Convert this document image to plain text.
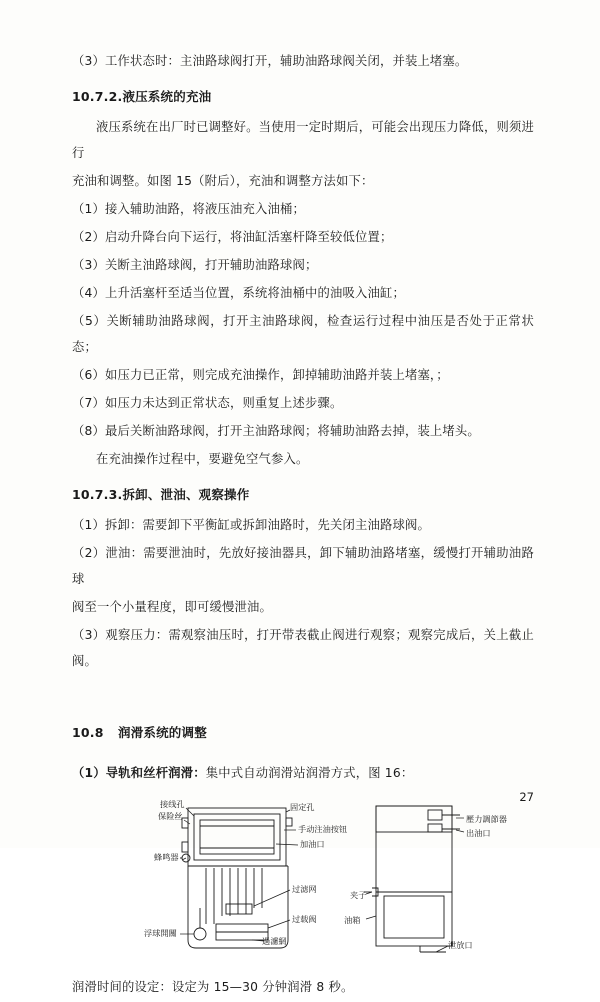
（3）工作状态时：主油路球阀打开，辅助油路球阀关闭，并装上堵塞。

10.7.2.液压系统的充油

液压系统在出厂时已调整好。当使用一定时期后，可能会出现压力降低，则须进行

充油和调整。如图 15（附后），充油和调整方法如下：

（1）接入辅助油路，将液压油充入油桶；

（2）启动升降台向下运行，将油缸活塞杆降至较低位置；

（3）关断主油路球阀，打开辅助油路球阀；

（4）上升活塞杆至适当位置，系统将油桶中的油吸入油缸；

（5）关断辅助油路球阀，打开主油路球阀，检查运行过程中油压是否处于正常状态；

（6）如压力已正常，则完成充油操作，卸掉辅助油路并装上堵塞，；

（7）如压力未达到正常状态，则重复上述步骤。

（8）最后关断油路球阀，打开主油路球阀；将辅助油路去掉，装上堵头。

在充油操作过程中，要避免空气参入。

10.7.3.拆卸、泄油、观察操作

（1）拆卸：需要卸下平衡缸或拆卸油路时，先关闭主油路球阀。

（2）泄油：需要泄油时，先放好接油器具，卸下辅助油路堵塞，缓慢打开辅助油路球

阀至一个小量程度，即可缓慢泄油。

（3）观察压力：需观察油压时，打开带表截止阀进行观察；观察完成后，关上截止阀。

10.8 润滑系统的调整

（1）导轨和丝杆润滑：集中式自动润滑站润滑方式，图 16：

接线孔
保险丝
蜂鸣器
浮球開關
固定孔
手动注油按钮
加油口
过滤网
过载阀
過濾網
壓力調節器
出油口
夹子
油箱
泄放口

润滑时间的设定：设定为 15—30 分钟润滑 8 秒。

27
